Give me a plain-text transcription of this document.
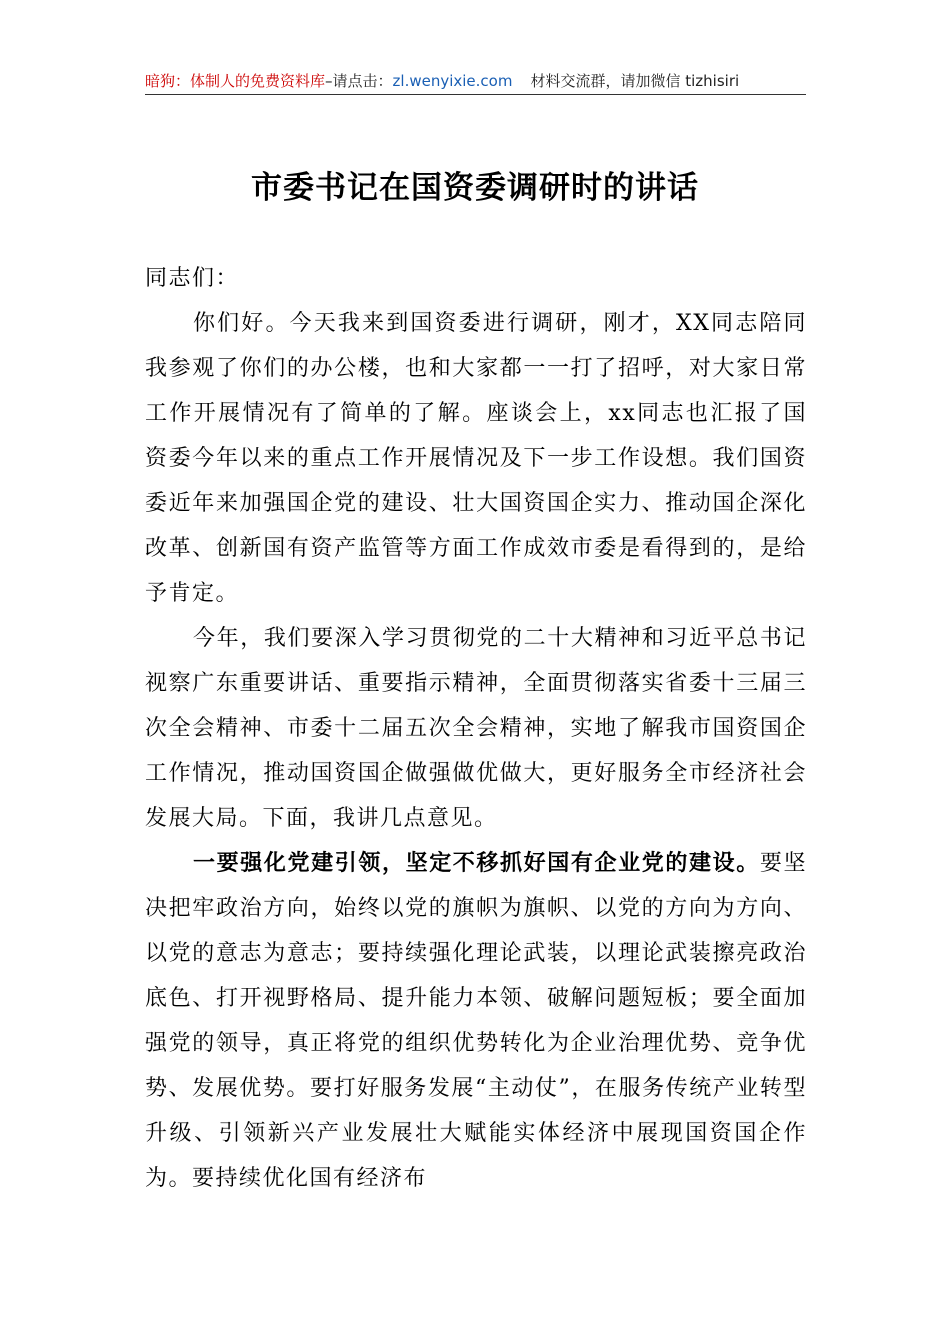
暗狗：体制人的免费资料库 –请点击： zl.wenyixie.com 材料交流群，请加微信 tizhisiri
市委书记在国资委调研时的讲话

同志们：

你们好。今天我来到国资委进行调研，刚才，XX同志陪同我参观了你们的办公楼，也和大家都一一打了招呼，对大家日常工作开展情况有了简单的了解。座谈会上，xx同志也汇报了国资委今年以来的重点工作开展情况及下一步工作设想。我们国资委近年来加强国企党的建设、壮大国资国企实力、推动国企深化改革、创新国有资产监管等方面工作成效市委是看得到的，是给予肯定。

今年，我们要深入学习贯彻党的二十大精神和习近平总书记视察广东重要讲话、重要指示精神，全面贯彻落实省委十三届三次全会精神、市委十二届五次全会精神，实地了解我市国资国企工作情况，推动国资国企做强做优做大，更好服务全市经济社会发展大局。下面，我讲几点意见。

一要强化党建引领，坚定不移抓好国有企业党的建设。要坚决把牢政治方向，始终以党的旗帜为旗帜、以党的方向为方向、以党的意志为意志；要持续强化理论武装，以理论武装擦亮政治底色、打开视野格局、提升能力本领、破解问题短板；要全面加强党的领导，真正将党的组织优势转化为企业治理优势、竞争优势、发展优势。要打好服务发展“主动仗”，在服务传统产业转型升级、引领新兴产业发展壮大赋能实体经济中展现国资国企作为。要持续优化国有经济布
